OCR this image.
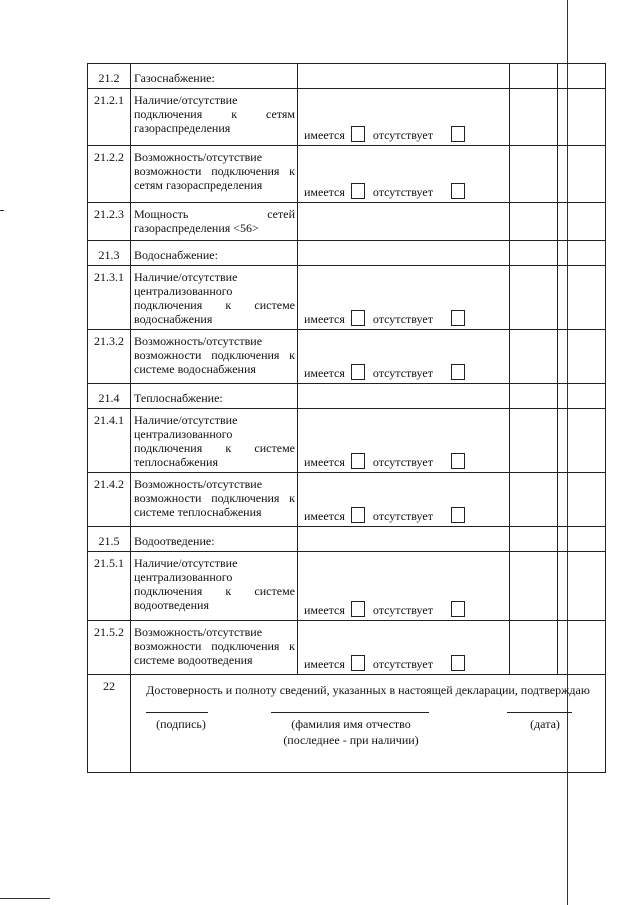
21.2	Газоснабжение:			
21.2.1	Наличие/отсутствие подключения к сетям газораспределения	имеется отсутствует		
21.2.2	Возможность/отсутствие возможности подключения к сетям газораспределения	имеется отсутствует		
21.2.3	Мощность сетей газораспределения <56>			
21.3	Водоснабжение:			
21.3.1	Наличие/отсутствие централизованного подключения к системе водоснабжения	имеется отсутствует		
21.3.2	Возможность/отсутствие возможности подключения к системе водоснабжения	имеется отсутствует		
21.4	Теплоснабжение:			
21.4.1	Наличие/отсутствие централизованного подключения к системе теплоснабжения	имеется отсутствует		
21.4.2	Возможность/отсутствие возможности подключения к системе теплоснабжения	имеется отсутствует		
21.5	Водоотведение:			
21.5.1	Наличие/отсутствие централизованного подключения к системе водоотведения	имеется отсутствует		
21.5.2	Возможность/отсутствие возможности подключения к системе водоотведения	имеется отсутствует		
22	Достоверность и полноту сведений, указанных в настоящей декларации, подтверждаю
(подпись) (фамилия имя отчество
(последнее - при наличии)
(дата)			
